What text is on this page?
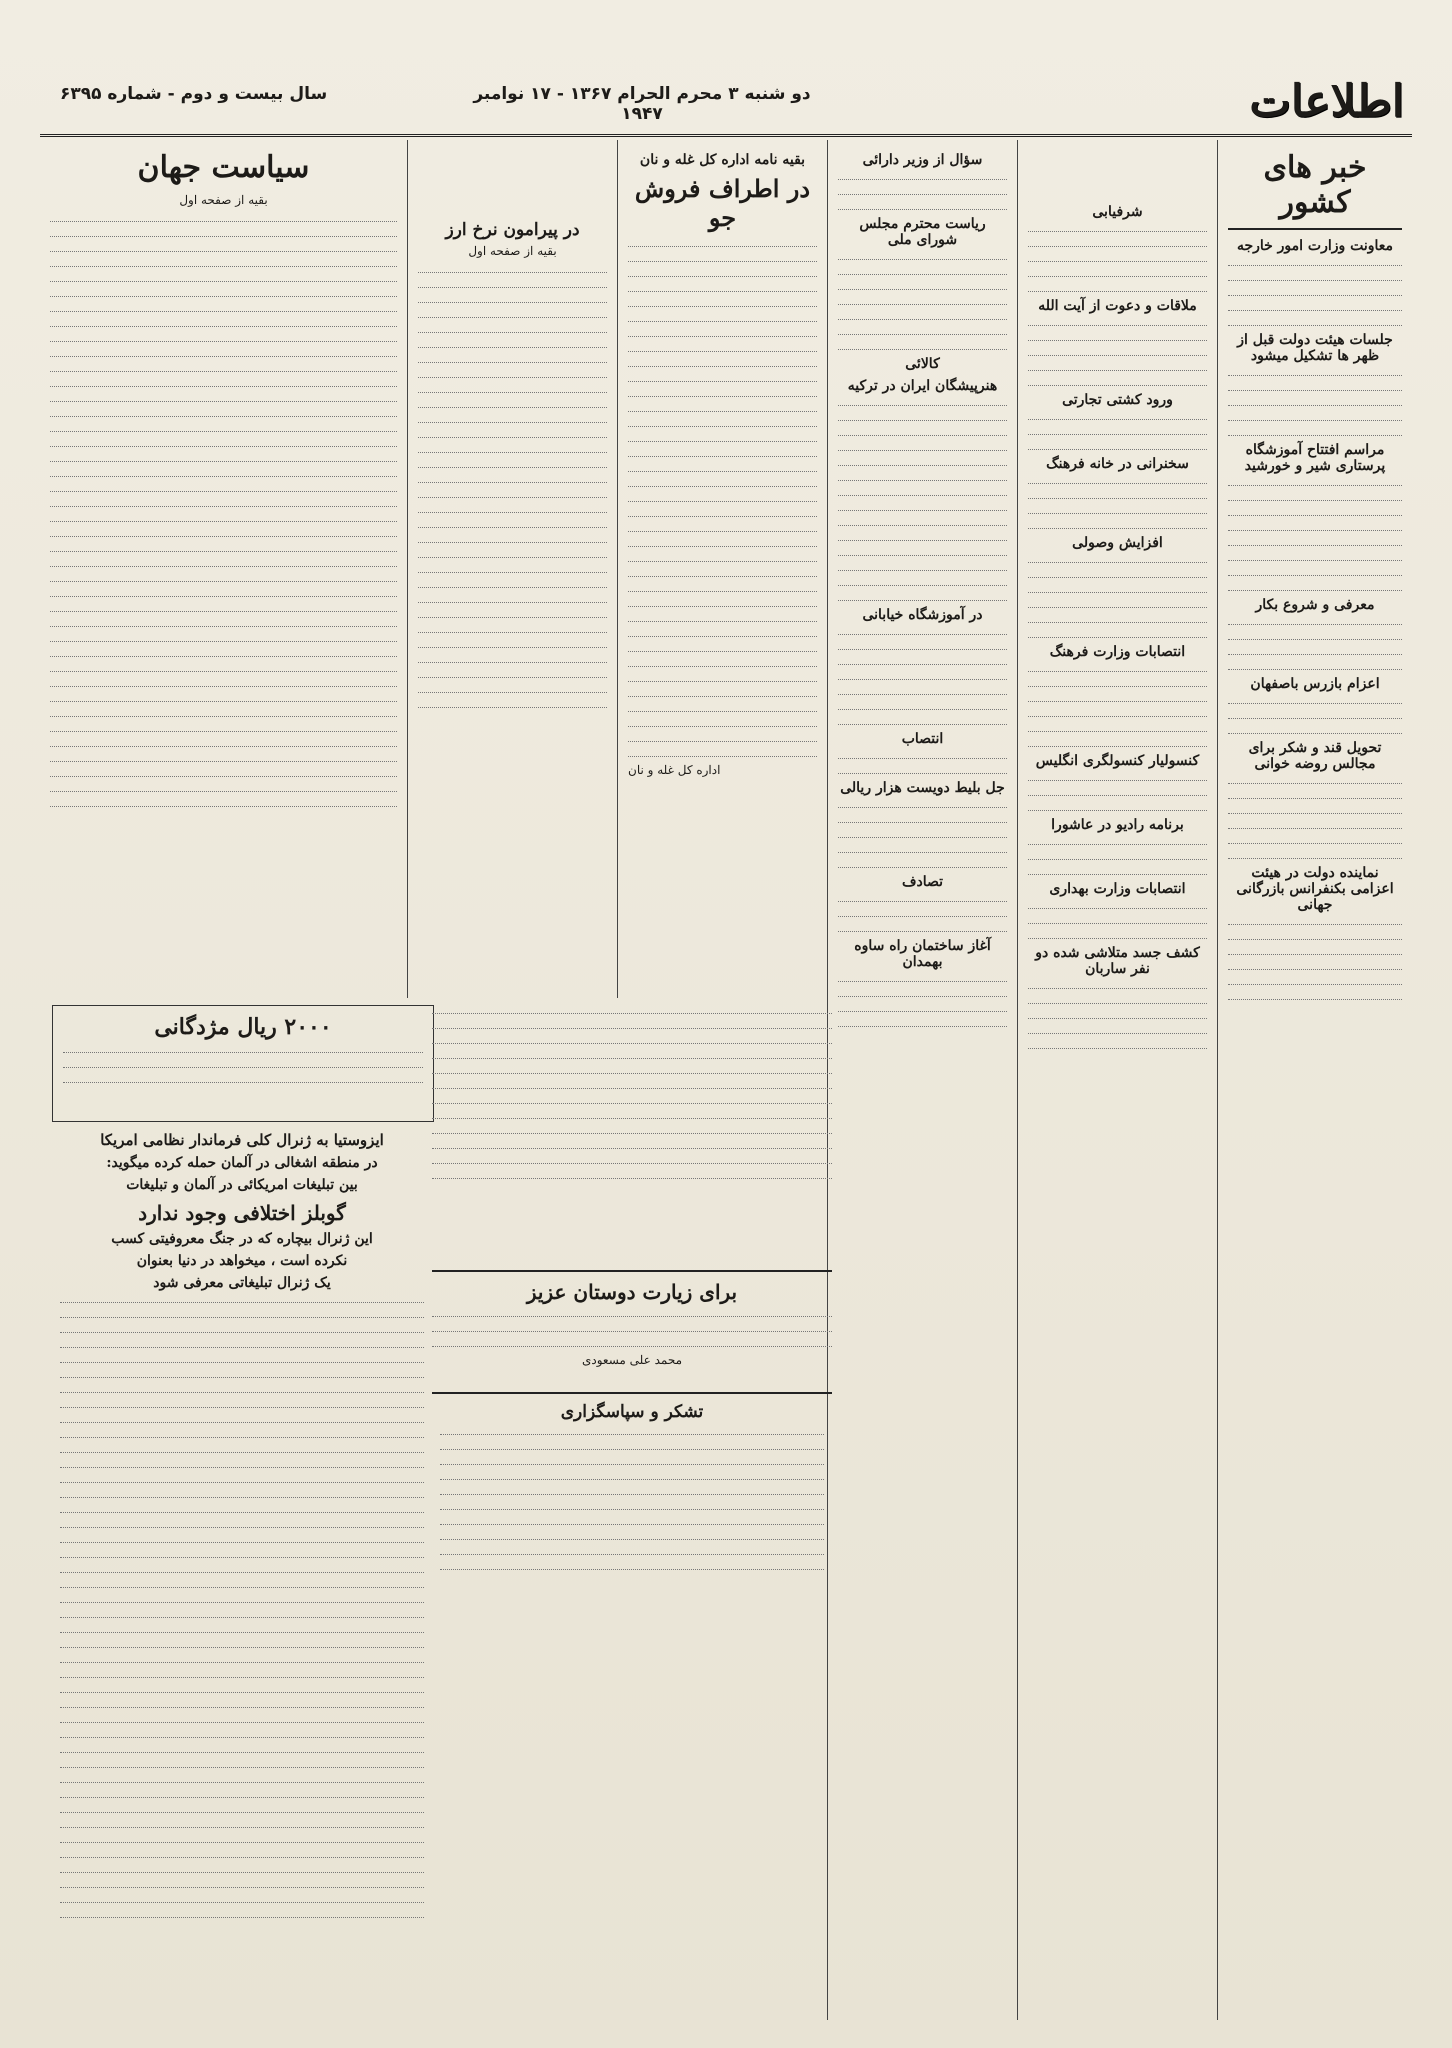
اطلاعات
دو شنبه ۳ محرم الحرام ۱۳۶۷ - ۱۷ نوامبر ۱۹۴۷
سال بیست و دوم - شماره ۶۳۹۵
خبر های کشور
معاونت وزارت امور خارجه
جلسات هیئت دولت قبل از ظهر ها تشکیل میشود
مراسم افتتاح آموزشگاه پرستاری شیر و خورشید
معرفی و شروع بکار
اعزام بازرس باصفهان
تحویل قند و شکر برای مجالس روضه خوانی
نماینده دولت در هیئت اعزامی بکنفرانس بازرگانی جهانی
شرفیابی
ملاقات و دعوت از آیت الله
ورود کشتی تجارتی
سخنرانی در خانه فرهنگ
افزایش وصولی
انتصابات وزارت فرهنگ
کنسولیار کنسولگری انگلیس
برنامه رادیو در عاشورا
انتصابات وزارت بهداری
کشف جسد متلاشی شده دو نفر ساربان
سؤال از وزیر دارائی
ریاست محترم مجلس شورای ملی
کالائی
هنرپیشگان ایران در ترکیه
در آموزشگاه خیابانی
انتصاب
جل بلیط دویست هزار ریالی
تصادف
آغاز ساختمان راه ساوه بهمدان
بقیه نامه اداره کل غله و نان
در اطراف فروش جو
اداره کل غله و نان
در پیرامون نرخ ارز
بقیه از صفحه اول
سیاست جهان
بقیه از صفحه اول
۲۰۰۰ ریال مژدگانی
ایزوستیا به ژنرال کلی فرماندار نظامی امریکا
در منطقه اشغالی در آلمان حمله کرده میگوید:
بین تبلیغات امریکائی در آلمان و تبلیغات
گوبلز اختلافی وجود ندارد
این ژنرال بیچاره که در جنگ معروفیتی کسب
نکرده است ، میخواهد در دنیا بعنوان
یک ژنرال تبلیغاتی معرفی شود	برای زیارت دوستان عزیز
محمد علی مسعودی
تشکر و سپاسگزاری
